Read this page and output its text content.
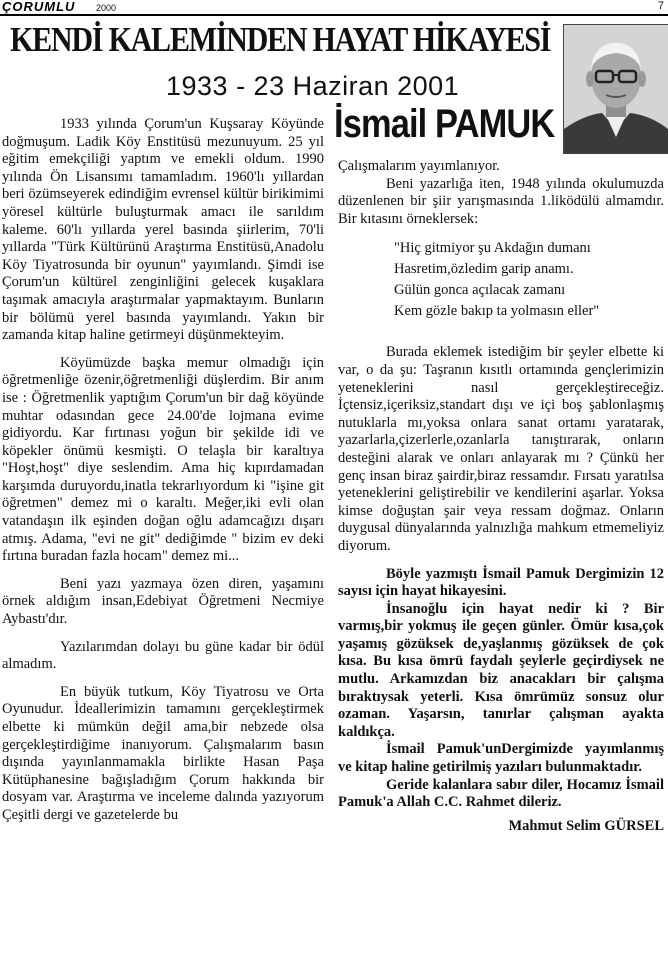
ÇORUMLU 2000	7
KENDİ KALEMİNDEN HAYAT HİKAYESİ
1933 - 23 Haziran 2001
İsmail PAMUK

1933 yılında Çorum'un Kuşsaray Köyünde doğmuşum. Ladik Köy Enstitüsü mezunuyum. 25 yıl eğitim emekçiliği yaptım ve emekli oldum. 1990 yılında Ön Lisansımı tamamladım. 1960'lı yıllardan beri özümseyerek edindiğim evrensel kültür birikimimi yöresel kültürle buluşturmak amacı ile sarıldım kaleme. 60'lı yıllarda yerel basında şiirlerim, 70'li yıllarda "Türk Kültürünü Araştırma Enstitüsü,Anadolu Köy Tiyatrosunda bir oyunun" yayımlandı. Şimdi ise Çorum'un kültürel zenginliğini gelecek kuşaklara taşımak amacıyla araştırmalar yapmaktayım. Bunların bir bölümü yerel basında yayımlandı. Yakın bir zamanda kitap haline getirmeyi düşünmekteyim.

Köyümüzde başka memur olmadığı için öğretmenliğe özenir,öğretmenliği düşlerdim. Bir anım ise : Öğretmenlik yaptığım Çorum'un bir dağ köyünde muhtar odasından gece 24.00'de lojmana evime gidiyordu. Kar fırtınası yoğun bir şekilde idi ve köpekler önümü kesmişti. O telaşla bir karaltıya "Hoşt,hoşt" diye seslendim. Ama hiç kıpırdamadan karşımda duruyordu,inatla tekrarlıyordum ki "işine git öğretmen" demez mi o karaltı. Meğer,iki evli olan vatandaşın ilk eşinden doğan oğlu adamcağızı dışarı atmış. Adama, "evi ne git" dediğimde " bizim ev deki fırtına buradan fazla hocam" demez mi...

Beni yazı yazmaya özen diren, yaşamını örnek aldığım insan,Edebiyat Öğretmeni Necmiye Aybastı'dır.

Yazılarımdan dolayı bu güne kadar bir ödül almadım.

En büyük tutkum, Köy Tiyatrosu ve Orta Oyunudur. İdeallerimizin tamamını gerçekleştirmek elbette ki mümkün değil ama,bir nebzede olsa gerçekleştirdiğime inanıyorum. Çalışmalarım basın dışında yayınlanmamakla birlikte Hasan Paşa Kütüphanesine bağışladığım Çorum hakkında bir dosyam var. Araştırma ve inceleme dalında yazıyorum Çeşitli dergi ve gazetelerde bu

Çalışmalarım yayımlanıyor.

Beni yazarlığa iten, 1948 yılında okulumuzda düzenlenen bir şiir yarışmasında 1.liködülü almamdır. Bir kıtasını örneklersek:

"Hiç gitmiyor şu Akdağın dumanı
Hasretim,özledim garip anamı.
Gülün gonca açılacak zamanı
Kem gözle bakıp ta yolmasın eller"

Burada eklemek istediğim bir şeyler elbette ki var, o da şu: Taşranın kısıtlı ortamında gençlerimizin yeteneklerini nasıl gerçekleştireceğiz. İçtensiz,içeriksiz,standart dışı ve içi boş şablonlaşmış nutuklarla mı,yoksa onlara sanat ortamı yaratarak, yazarlarla,çizerlerle,ozanlarla tanıştırarak, onların desteğini alarak ve onları anlayarak mı ? Çünkü her genç insan biraz şairdir,biraz ressamdır. Fırsatı yaratılsa yeteneklerini geliştirebilir ve kendilerini aşarlar. Yoksa kimse doğuştan şair veya ressam doğmaz. Onların duygusal dünyalarında yalnızlığa mahkum etmemeliyiz diyorum.

Böyle yazmıştı İsmail Pamuk Dergimizin 12 sayısı için hayat hikayesini.

İnsanoğlu için hayat nedir ki ? Bir varmış,bir yokmuş ile geçen günler. Ömür kısa,çok yaşamış gözüksek de,yaşlanmış gözüksek de çok kısa. Bu kısa ömrü faydalı şeylerle geçirdiysek ne mutlu. Arkamızdan biz anacakları bir çalışma bıraktıysak yeterli. Kısa ömrümüz sonsuz olur ozaman. Yaşarsın, tanırlar çalışman ayakta kaldıkça.

İsmail Pamuk'unDergimizde yayımlanmış ve kitap haline getirilmiş yazıları bulunmaktadır.

Geride kalanlara sabır diler, Hocamız İsmail Pamuk'a Allah C.C. Rahmet dileriz.

Mahmut Selim GÜRSEL
